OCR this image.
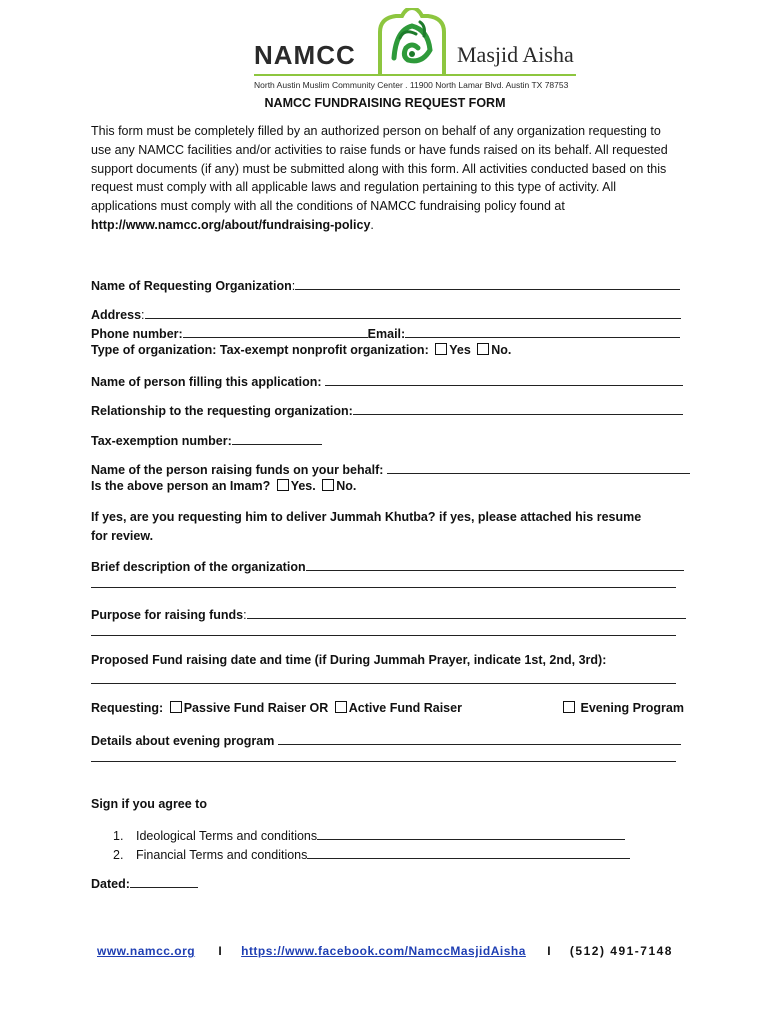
NAMCC	Masjid Aisha
North Austin Muslim Community Center . 11900 North Lamar Blvd. Austin TX 78753
NAMCC FUNDRAISING REQUEST FORM
This form must be completely filled by an authorized person on behalf of any organization requesting to use any NAMCC facilities and/or activities to raise funds or have funds raised on its behalf. All requested support documents (if any) must be submitted along with this form. All activities conducted based on this request must comply with all applicable laws and regulation pertaining to this type of activity. All applications must comply with all the conditions of NAMCC fundraising policy found at http://www.namcc.org/about/fundraising-policy.
Name of Requesting Organization:
Address:
Phone number:	Email:
Type of organization: Tax-exempt nonprofit organization: Yes No.
Name of person filling this application:
Relationship to the requesting organization:
Tax-exemption number:
Name of the person raising funds on your behalf:
Is the above person an Imam? Yes. No.
If yes, are you requesting him to deliver Jummah Khutba? if yes, please attached his resume for review.
Brief description of the organization
Purpose for raising funds:
Proposed Fund raising date and time (if During Jummah Prayer, indicate 1st, 2nd, 3rd):
Requesting: Passive Fund Raiser OR Active Fund Raiser	Evening Program
Details about evening program
Sign if you agree to
1. Ideological Terms and conditions
2. Financial Terms and conditions
Dated:
www.namcc.org I https://www.facebook.com/NamccMasjidAisha I (512) 491-7148
